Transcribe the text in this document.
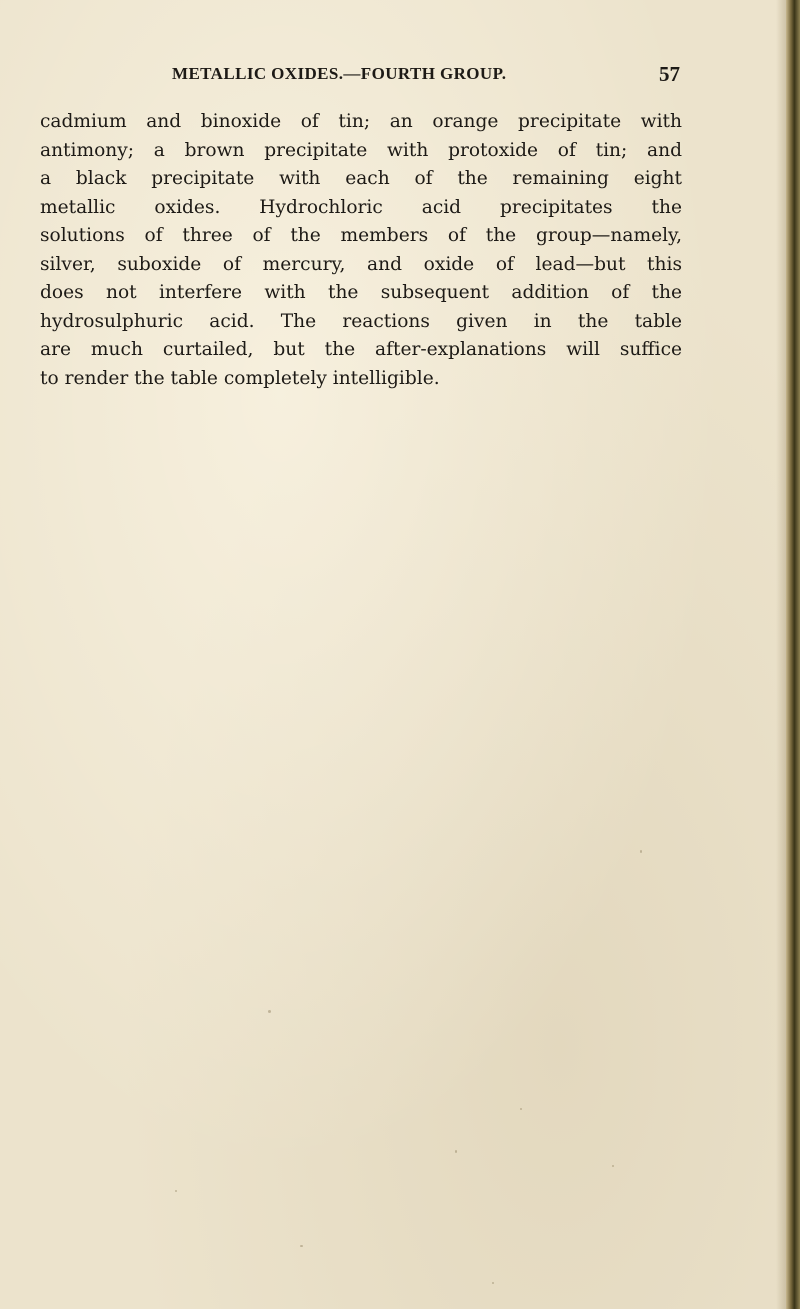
METALLIC OXIDES.—FOURTH GROUP.	57
cadmium and binoxide of tin; an orange precipitate with
antimony; a brown precipitate with protoxide of tin; and
a black precipitate with each of the remaining eight
metallic oxides. Hydrochloric acid precipitates the
solutions of three of the members of the group—namely,
silver, suboxide of mercury, and oxide of lead—but this
does not interfere with the subsequent addition of the
hydrosulphuric acid. The reactions given in the table
are much curtailed, but the after-explanations will suffice
to render the table completely intelligible.
